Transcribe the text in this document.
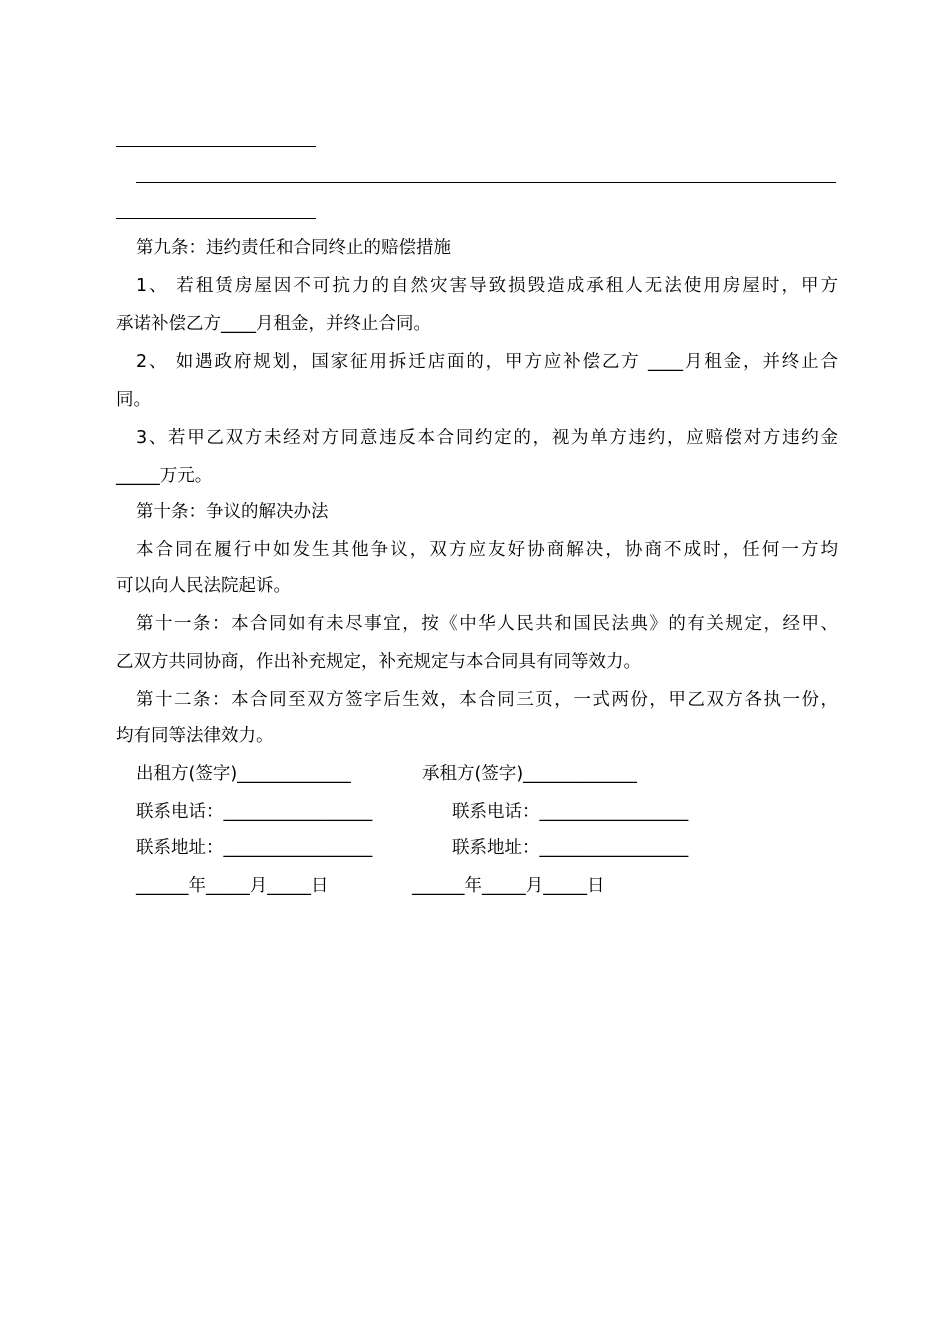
第九条：违约责任和合同终止的赔偿措施
1、 若租赁房屋因不可抗力的自然灾害导致损毁造成承租人无法使用房屋时，甲方
承诺补偿乙方____月租金，并终止合同。
2、 如遇政府规划，国家征用拆迁店面的，甲方应补偿乙方 ____月租金，并终止合
同。
3、若甲乙双方未经对方同意违反本合同约定的，视为单方违约，应赔偿对方违约金
_____万元。
第十条：争议的解决办法
本合同在履行中如发生其他争议，双方应友好协商解决，协商不成时，任何一方均
可以向人民法院起诉。
第十一条：本合同如有未尽事宜，按《中华人民共和国民法典》的有关规定，经甲、
乙双方共同协商，作出补充规定，补充规定与本合同具有同等效力。
第十二条：本合同至双方签字后生效，本合同三页，一式两份，甲乙双方各执一份，
均有同等法律效力。
出租方(签字)_____________	承租方(签字)_____________
联系电话：_________________	联系电话：_________________
联系地址：_________________	联系地址：_________________
______年_____月_____日	______年_____月_____日
